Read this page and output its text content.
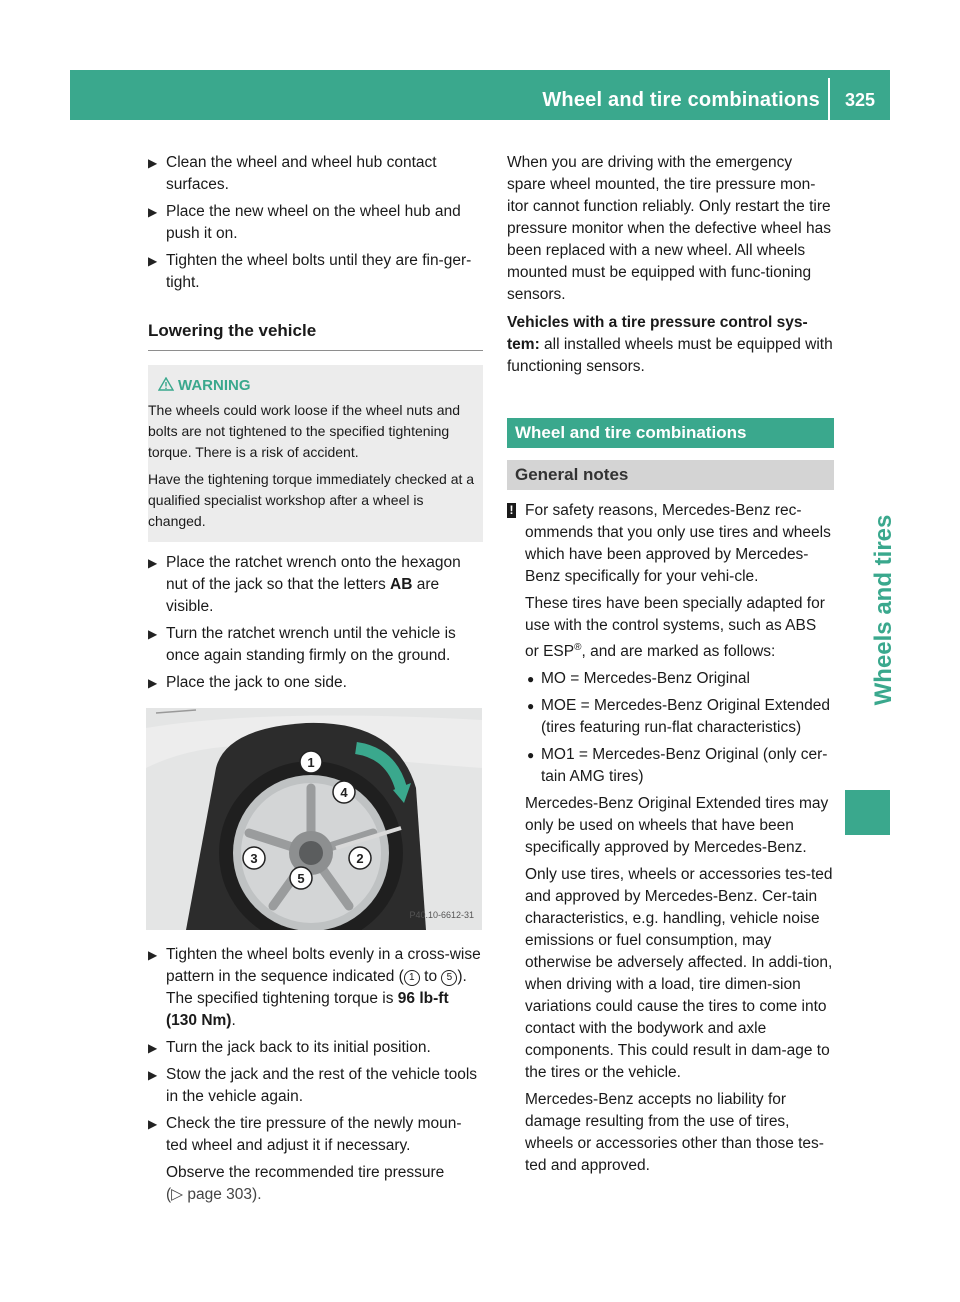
Wheel and tire combinations	325
Wheels and tires
▶ Clean the wheel and wheel hub contact surfaces.
▶ Place the new wheel on the wheel hub and push it on.
▶ Tighten the wheel bolts until they are fin-ger-tight.
Lowering the vehicle
WARNING

The wheels could work loose if the wheel nuts and bolts are not tightened to the specified tightening torque. There is a risk of accident.

Have the tightening torque immediately checked at a qualified specialist workshop after a wheel is changed.

▶ Place the ratchet wrench onto the hexagon nut of the jack so that the letters AB are visible.
▶ Turn the ratchet wrench until the vehicle is once again standing firmly on the ground.
▶ Place the jack to one side.
1
2
3
4
5
P40.10-6612-31
▶ Tighten the wheel bolts evenly in a cross-wise pattern in the sequence indicated ( 1 to 5 ). The specified tightening torque is 96 lb-ft (130 Nm).
▶ Turn the jack back to its initial position.
▶ Stow the jack and the rest of the vehicle tools in the vehicle again.
▶ Check the tire pressure of the newly moun-ted wheel and adjust it if necessary.
Observe the recommended tire pressure
(▷ page 303).
When you are driving with the emergency spare wheel mounted, the tire pressure mon-itor cannot function reliably. Only restart the tire pressure monitor when the defective wheel has been replaced with a new wheel. All wheels mounted must be equipped with func-tioning sensors.
Vehicles with a tire pressure control sys-tem: all installed wheels must be equipped with functioning sensors.
Wheel and tire combinations
General notes
! For safety reasons, Mercedes-Benz rec-ommends that you only use tires and wheels which have been approved by Mercedes-Benz specifically for your vehi-cle.

These tires have been specially adapted for use with the control systems, such as ABS or ESP®, and are marked as follows:

● MO = Mercedes-Benz Original
● MOE = Mercedes-Benz Original Extended (tires featuring run-flat characteristics)
● MO1 = Mercedes-Benz Original (only cer-tain AMG tires)

Mercedes-Benz Original Extended tires may only be used on wheels that have been specifically approved by Mercedes-Benz.

Only use tires, wheels or accessories tes-ted and approved by Mercedes-Benz. Cer-tain characteristics, e.g. handling, vehicle noise emissions or fuel consumption, may otherwise be adversely affected. In addi-tion, when driving with a load, tire dimen-sion variations could cause the tires to come into contact with the bodywork and axle components. This could result in dam-age to the tires or the vehicle.

Mercedes-Benz accepts no liability for damage resulting from the use of tires, wheels or accessories other than those tes-ted and approved.
